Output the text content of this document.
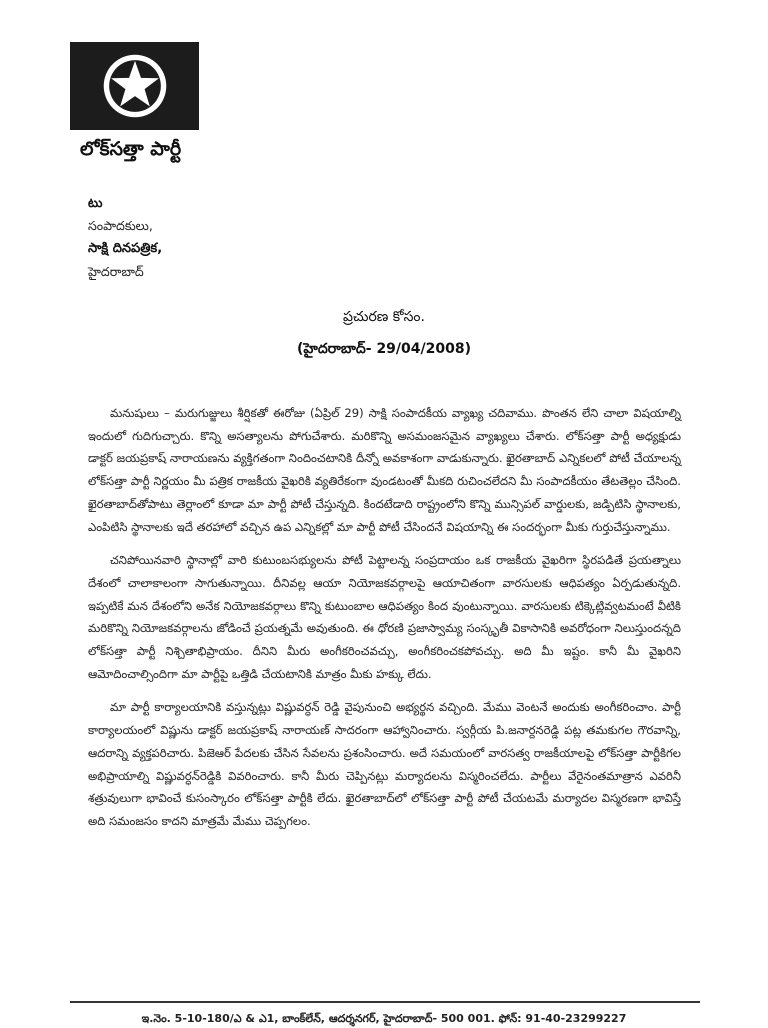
లోక్‌సత్తా పార్టీ
టు
సంపాదకులు,
సాక్షి దినపత్రిక,
హైదరాబాద్
ప్రచురణ కోసం.
(హైదరాబాద్- 29/04/2008)

మనుషులు – మరుగుజ్జులు శీర్షికతో ఈరోజు (ఏప్రిల్ 29) సాక్షి సంపాదకీయ వ్యాఖ్య చదివాము. పొంతన లేని చాలా విషయాల్ని ఇందులో గుదిగుచ్చారు. కొన్ని అసత్యాలను పోగుచేశారు. మరికొన్ని అసమంజసమైన వ్యాఖ్యలు చేశారు. లోక్‌సత్తా పార్టీ అధ్యక్షుడు డాక్టర్ జయప్రకాష్ నారాయణను వ్యక్తిగతంగా నిందించటానికి దీన్నో అవకాశంగా వాడుకున్నారు. ఖైరతాబాద్ ఎన్నికలలో పోటీ చేయాలన్న లోక్‌సత్తా పార్టీ నిర్ణయం మీ పత్రిక రాజకీయ వైఖరికి వ్యతిరేకంగా వుండటంతో మీకది రుచించలేదని మీ సంపాదకీయం తేటతెల్లం చేసింది. ఖైరతాబాద్‌తోపాటు తెర్లాంలో కూడా మా పార్టీ పోటీ చేస్తున్నది. కిందటేడాది రాష్ట్రంలోని కొన్ని మున్సిపల్ వార్డులకు, జడ్పిటిసి స్థానాలకు, ఎంపిటిసి స్థానాలకు ఇదే తరహాలో వచ్చిన ఉప ఎన్నికల్లో మా పార్టీ పోటీ చేసిందనే విషయాన్ని ఈ సందర్భంగా మీకు గుర్తుచేస్తున్నాము.

చనిపోయినవారి స్థానాల్లో వారి కుటుంబసభ్యులను పోటీ పెట్టాలన్న సంప్రదాయం ఒక రాజకీయ వైఖరిగా స్థిరపడితే ప్రయత్నాలు దేశంలో చాలాకాలంగా సాగుతున్నాయి. దీనివల్ల ఆయా నియోజకవర్గాలపై ఆయాచితంగా వారసులకు ఆధిపత్యం ఏర్పడుతున్నది. ఇప్పటికే మన దేశంలోని అనేక నియోజకవర్గాలు కొన్ని కుటుంబాల ఆధిపత్యం కింద వుంటున్నాయి. వారసులకు టిక్కెట్లివ్వటమంటే వీటికి మరికొన్ని నియోజకవర్గాలను జోడించే ప్రయత్నమే అవుతుంది. ఈ ధోరణి ప్రజాస్వామ్య సంస్కృతీ వికాసానికి అవరోధంగా నిలుస్తుందన్నది లోక్‌సత్తా పార్టీ నిశ్చితాభిప్రాయం. దీనిని మీరు అంగీకరించవచ్చు, అంగీకరించకపోవచ్చు. అది మీ ఇష్టం. కానీ మీ వైఖరిని ఆమోదించాల్సిందిగా మా పార్టీపై ఒత్తిడి చేయటానికి మాత్రం మీకు హక్కు లేదు.

మా పార్టీ కార్యాలయానికి వస్తున్నట్లు విష్ణువర్ధన్ రెడ్డి వైపునుంచి అభ్యర్థన వచ్చింది. మేము వెంటనే అందుకు అంగీకరించాం. పార్టీ కార్యాలయంలో విష్ణును డాక్టర్ జయప్రకాష్ నారాయణ్ సాదరంగా ఆహ్వానించారు. స్వర్గీయ పి.జనార్దనరెడ్డి పట్ల తమకుగల గౌరవాన్ని, ఆదరాన్ని వ్యక్తపరిచారు. పిజెఆర్ పేదలకు చేసిన సేవలను ప్రశంసించారు. అదే సమయంలో వారసత్వ రాజకీయాలపై లోక్‌సత్తా పార్టీకిగల అభిప్రాయాల్ని విష్ణువర్ధన్‌రెడ్డికి వివరించారు. కానీ మీరు చెప్పినట్లు మర్యాదలను విస్మరించలేదు. పార్టీలు వేరైనంతమాత్రాన ఎవరినీ శత్రువులుగా భావించే కుసంస్కారం లోక్‌సత్తా పార్టీకి లేదు. ఖైరతాబాద్‌లో లోక్‌సత్తా పార్టీ పోటీ చేయటమే మర్యాదల విస్మరణగా భావిస్తే అది సమంజసం కాదని మాత్రమే మేము చెప్పగలం.

ఇ.నెం. 5-10-180/ఎ & ఎ1, బాంక్‌లేన్, ఆదర్శనగర్, హైదరాబాద్- 500 001. ఫోన్: 91-40-23299227
